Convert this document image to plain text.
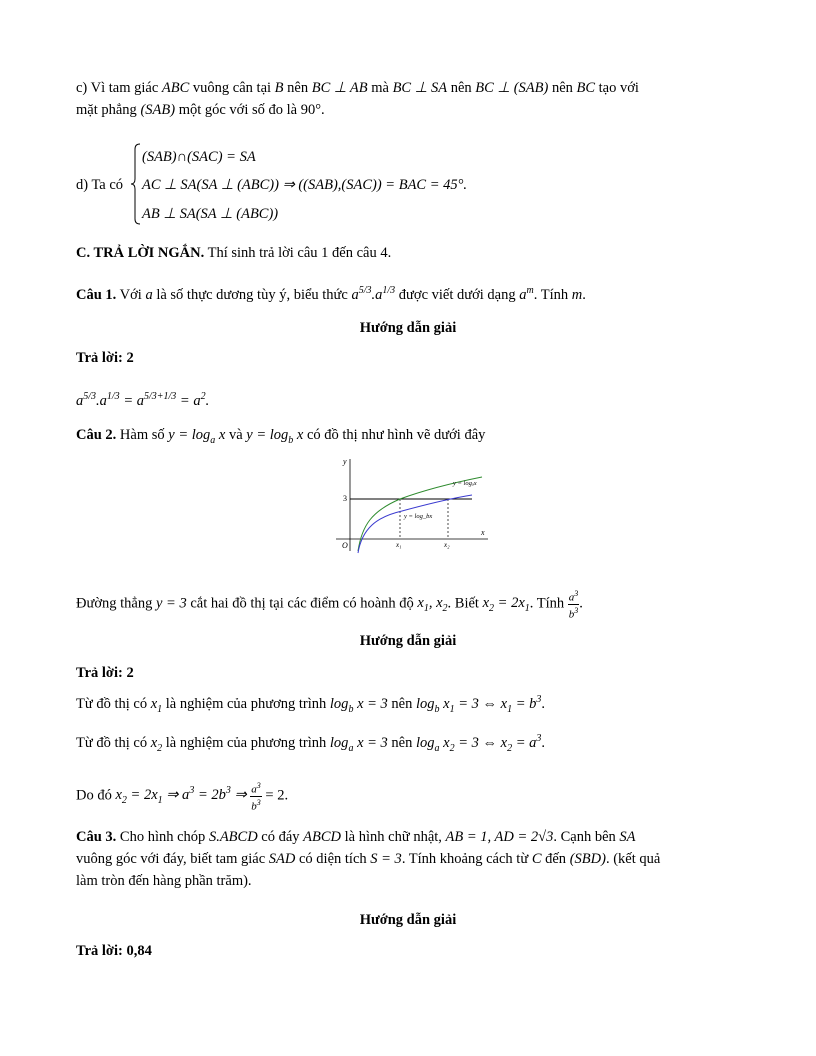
c) Vì tam giác ABC vuông cân tại B nên BC ⊥ AB mà BC ⊥ SA nên BC ⊥ (SAB) nên BC tạo với
mặt phẳng (SAB) một góc với số đo là 90°.
d) Ta có
(SAB)∩(SAC) = SA
AC ⊥ SA(SA ⊥ (ABC)) ⇒ ((SAB),(SAC)) = BAC = 45°.
AB ⊥ SA(SA ⊥ (ABC))
C. TRẢ LỜI NGẮN. Thí sinh trả lời câu 1 đến câu 4.
Câu 1. Với a là số thực dương tùy ý, biểu thức $a^{5/3}.a^{1/3}$ được viết dưới dạng $a^m$. Tính m.
Hướng dẫn giải
Trả lời: 2
$a^{5/3}.a^{1/3} = a^{5/3+1/3} = a^2$.
Câu 2. Hàm số $y = \log_a x$ và $y = \log_b x$ có đồ thị như hình vẽ dưới đây
y
x
O
3
x₁	x₂
y = logₐx
y = log_bx
Đường thẳng y = 3 cắt hai đồ thị tại các điểm có hoành độ $x_1$, $x_2$. Biết $x_2 = 2x_1$. Tính $\frac{a^3}{b^3}$ .
Hướng dẫn giải
Trả lời: 2
Từ đồ thị có $x_1$ là nghiệm của phương trình $\log_b x = 3$ nên $\log_b x_1 = 3$ ⇔ $x_1 = b^3$.
Từ đồ thị có $x_2$ là nghiệm của phương trình $\log_a x = 3$ nên $\log_a x_2 = 3$ ⇔ $x_2 = a^3$.
Do đó $x_2 = 2x_1$ ⇒ $a^3 = 2b^3$ ⇒ $\frac{a^3}{b^3} = 2$.
Câu 3. Cho hình chóp S.ABCD có đáy ABCD là hình chữ nhật, AB = 1, AD = 2√3. Cạnh bên SA
vuông góc với đáy, biết tam giác SAD có diện tích S = 3. Tính khoảng cách từ C đến (SBD). (kết quả
làm tròn đến hàng phần trăm).
Hướng dẫn giải
Trả lời: 0,84
